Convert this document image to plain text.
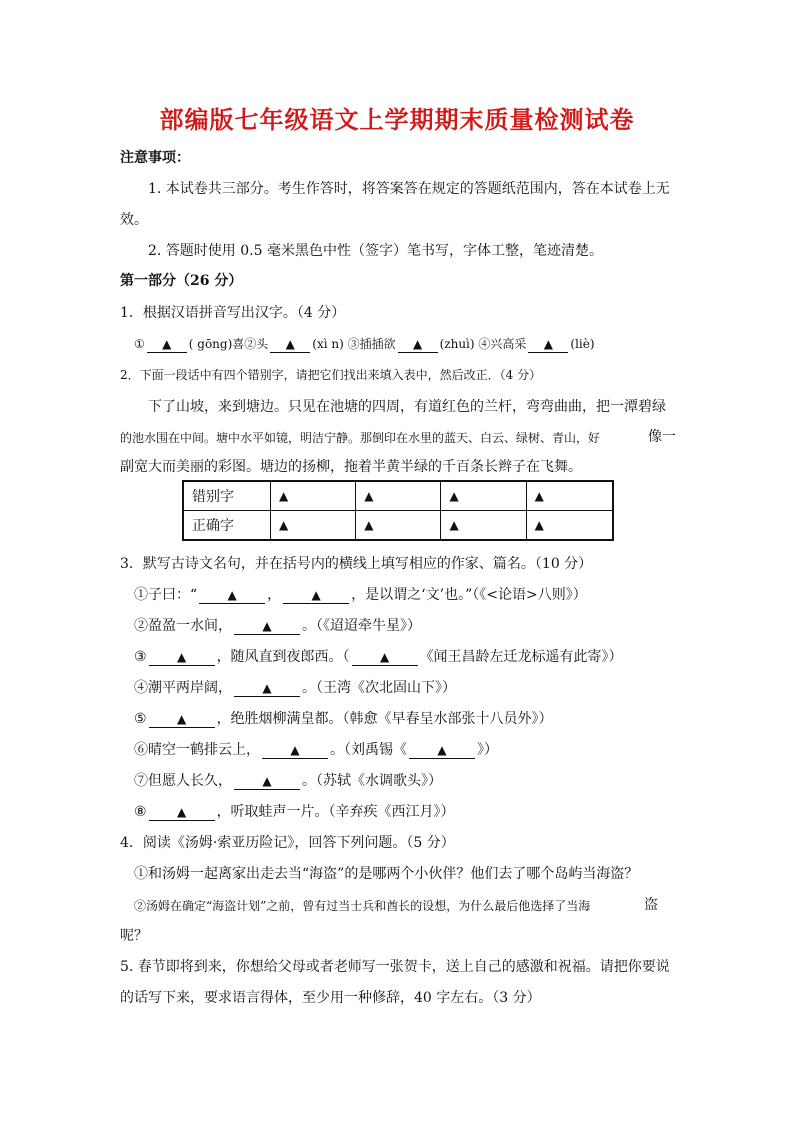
部编版七年级语文上学期期末质量检测试卷
注意事项：
1. 本试卷共三部分。考生作答时，将答案答在规定的答题纸范围内，答在本试卷上无
效。
2. 答题时使用 0.5 毫米黑色中性（签字）笔书写，字体工整，笔迹清楚。
第一部分（26 分）
1．根据汉语拼音写出汉字。（4 分）
① ▲ ( gōng)喜②头 ▲ (xì n) ③插插欲 ▲ (zhuì) ④兴高采 ▲ (liè)
2．下面一段话中有四个错别字，请把它们找出来填入表中，然后改正．（4 分）
下了山坡，来到塘边。只见在池塘的四周，有道红色的兰杆，弯弯曲曲，把一潭碧绿
的池水围在中间。塘中水平如镜，明洁宁静。那倒印在水里的蓝天、白云、绿树、青山，好	像一
副宽大而美丽的彩图。塘边的扬柳，拖着半黄半绿的千百条长辫子在飞舞。
错别字	▲	▲	▲	▲
正确字	▲	▲	▲	▲
3．默写古诗文名句，并在括号内的横线上填写相应的作家、篇名。（10 分）
①子曰：“	▲ ，	▲ ，是以谓之‘文’也。”（《<论语>八则》）
②盈盈一水间，	▲ 。（《迢迢牵牛星》）
③	▲ ，随风直到夜郎西。（	▲ 《闻王昌龄左迁龙标遥有此寄》）
④潮平两岸阔，	▲ 。（王湾《次北固山下》）
⑤	▲ ，绝胜烟柳满皇都。（韩愈《早春呈水部张十八员外》）
⑥晴空一鹤排云上，	▲ 。（刘禹锡《	▲ 》）
⑦但愿人长久，	▲ 。（苏轼《水调歌头》）
⑧	▲ ，听取蛙声一片。（辛弃疾《西江月》）
4．阅读《汤姆·索亚历险记》，回答下列问题。（5 分）
①和汤姆一起离家出走去当“海盗”的是哪两个小伙伴？他们去了哪个岛屿当海盗？
②汤姆在确定“海盗计划”之前，曾有过当士兵和酋长的设想，为什么最后他选择了当海	盗
呢？
5. 春节即将到来，你想给父母或者老师写一张贺卡，送上自己的感激和祝福。请把你要说
的话写下来，要求语言得体，至少用一种修辞，40 字左右。（3 分）
